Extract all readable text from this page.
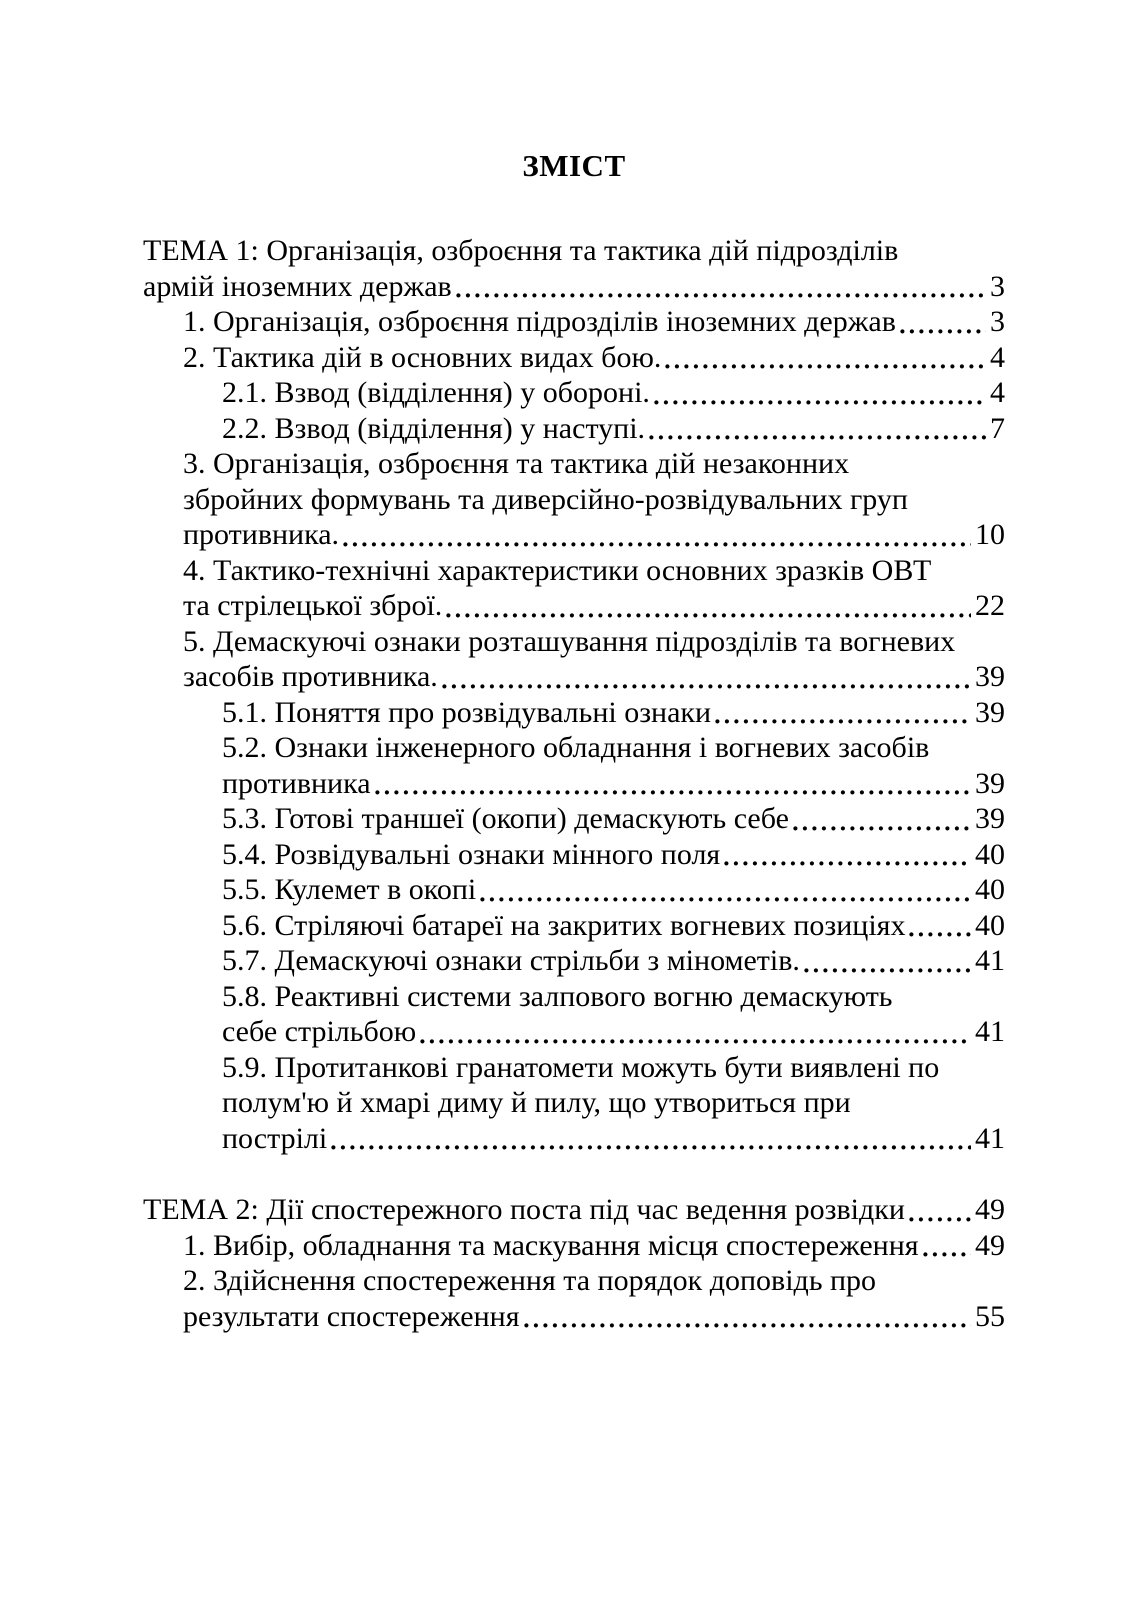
ЗМІСТ
ТЕМА 1: Організація, озброєння та тактика дій підрозділів
армій іноземних держав	3
1. Організація, озброєння підрозділів іноземних держав	3
2. Тактика дій в основних видах бою.	4
2.1. Взвод (відділення) у обороні.	4
2.2. Взвод (відділення) у наступі.	7
3. Організація, озброєння та тактика дій незаконних
збройних формувань та диверсійно-розвідувальних груп
противника.	10
4. Тактико-технічні характеристики основних зразків ОВТ
та стрілецької зброї.	22
5. Демаскуючі ознаки розташування підрозділів та вогневих
засобів противника.	39
5.1. Поняття про розвідувальні ознаки	39
5.2. Ознаки інженерного обладнання і вогневих засобів
противника	39
5.3. Готові траншеї (окопи) демаскують себе	39
5.4. Розвідувальні ознаки мінного поля	40
5.5. Кулемет в окопі	40
5.6. Стріляючі батареї на закритих вогневих позиціях 40
5.7. Демаскуючі ознаки стрільби з мінометів.	41
5.8. Реактивні системи залпового вогню демаскують
себе стрільбою	41
5.9. Протитанкові гранатомети можуть бути виявлені по
полум'ю й хмарі диму й пилу, що утвориться при
пострілі	41
ТЕМА 2: Дії спостережного поста під час ведення розвідки 49
1. Вибір, обладнання та маскування місця спостереження 49
2. Здійснення спостереження та порядок доповідь про
результати спостереження	55
